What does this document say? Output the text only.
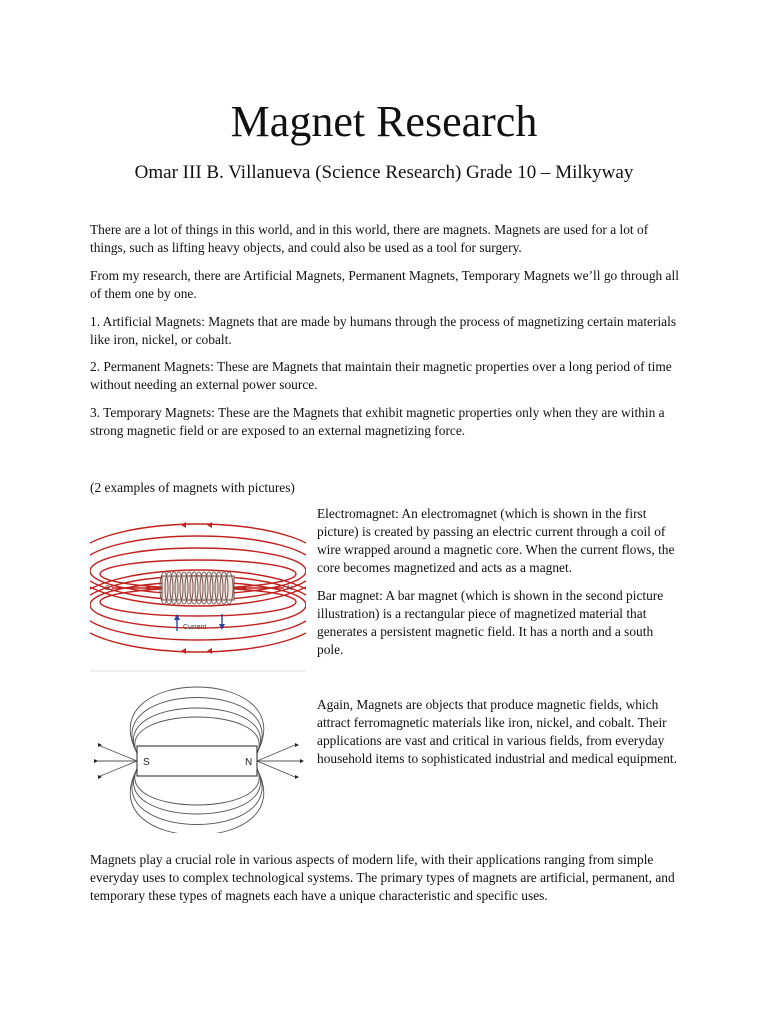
Magnet Research

Omar III B. Villanueva (Science Research) Grade 10 – Milkyway

There are a lot of things in this world, and in this world, there are magnets. Magnets are used for a lot of things, such as lifting heavy objects, and could also be used as a tool for surgery.

From my research, there are Artificial Magnets, Permanent Magnets, Temporary Magnets we’ll go through all of them one by one.

1. Artificial Magnets: Magnets that are made by humans through the process of magnetizing certain materials like iron, nickel, or cobalt.

2. Permanent Magnets: These are Magnets that maintain their magnetic properties over a long period of time without needing an external power source.

3. Temporary Magnets: These are the Magnets that exhibit magnetic properties only when they are within a strong magnetic field or are exposed to an external magnetizing force.

(2 examples of magnets with pictures)

S	N
Current

Electromagnet: An electromagnet (which is shown in the first picture) is created by passing an electric current through a coil of wire wrapped around a magnetic core. When the current flows, the core becomes magnetized and acts as a magnet.

Bar magnet: A bar magnet (which is shown in the second picture illustration) is a rectangular piece of magnetized material that generates a persistent magnetic field. It has a north and a south pole.

S	N

Again, Magnets are objects that produce magnetic fields, which attract ferromagnetic materials like iron, nickel, and cobalt. Their applications are vast and critical in various fields, from everyday household items to sophisticated industrial and medical equipment.

Magnets play a crucial role in various aspects of modern life, with their applications ranging from simple everyday uses to complex technological systems. The primary types of magnets are artificial, permanent, and temporary these types of magnets each have a unique characteristic and specific uses.
